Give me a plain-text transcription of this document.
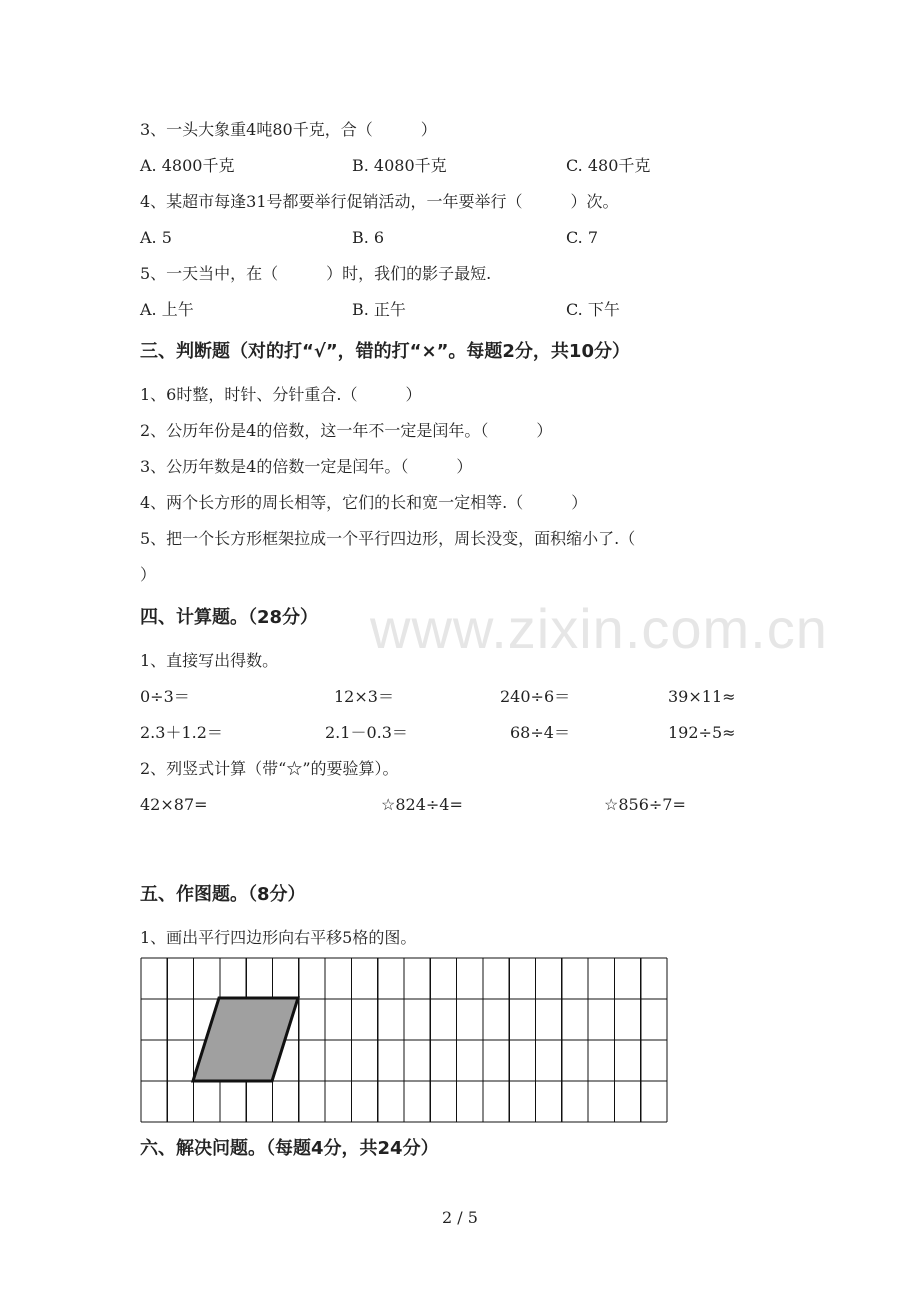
www.zixin.com.cn
3、一头大象重4吨80千克，合（　　　）
A. 4800千克	B. 4080千克	C. 480千克
4、某超市每逢31号都要举行促销活动，一年要举行（　　　）次。
A. 5	B. 6	C. 7
5、一天当中，在（　　　）时，我们的影子最短.
A. 上午	B. 正午	C. 下午
三、判断题（对的打“√”，错的打“×”。每题2分，共10分）
1、6时整，时针、分针重合.（　　　）
2、公历年份是4的倍数，这一年不一定是闰年。（　　　）
3、公历年数是4的倍数一定是闰年。（　　　）
4、两个长方形的周长相等，它们的长和宽一定相等.（　　　）
5、把一个长方形框架拉成一个平行四边形，周长没变，面积缩小了.（
）
四、计算题。（28分）
1、直接写出得数。
0÷3＝	12×3＝	240÷6＝	39×11≈
2.3＋1.2＝	2.1－0.3＝	68÷4＝	192÷5≈
2、列竖式计算（带“☆”的要验算）。
42×87=	☆824÷4=	☆856÷7=
五、作图题。（8分）
1、画出平行四边形向右平移5格的图。
六、解决问题。（每题4分，共24分）
2 / 5
